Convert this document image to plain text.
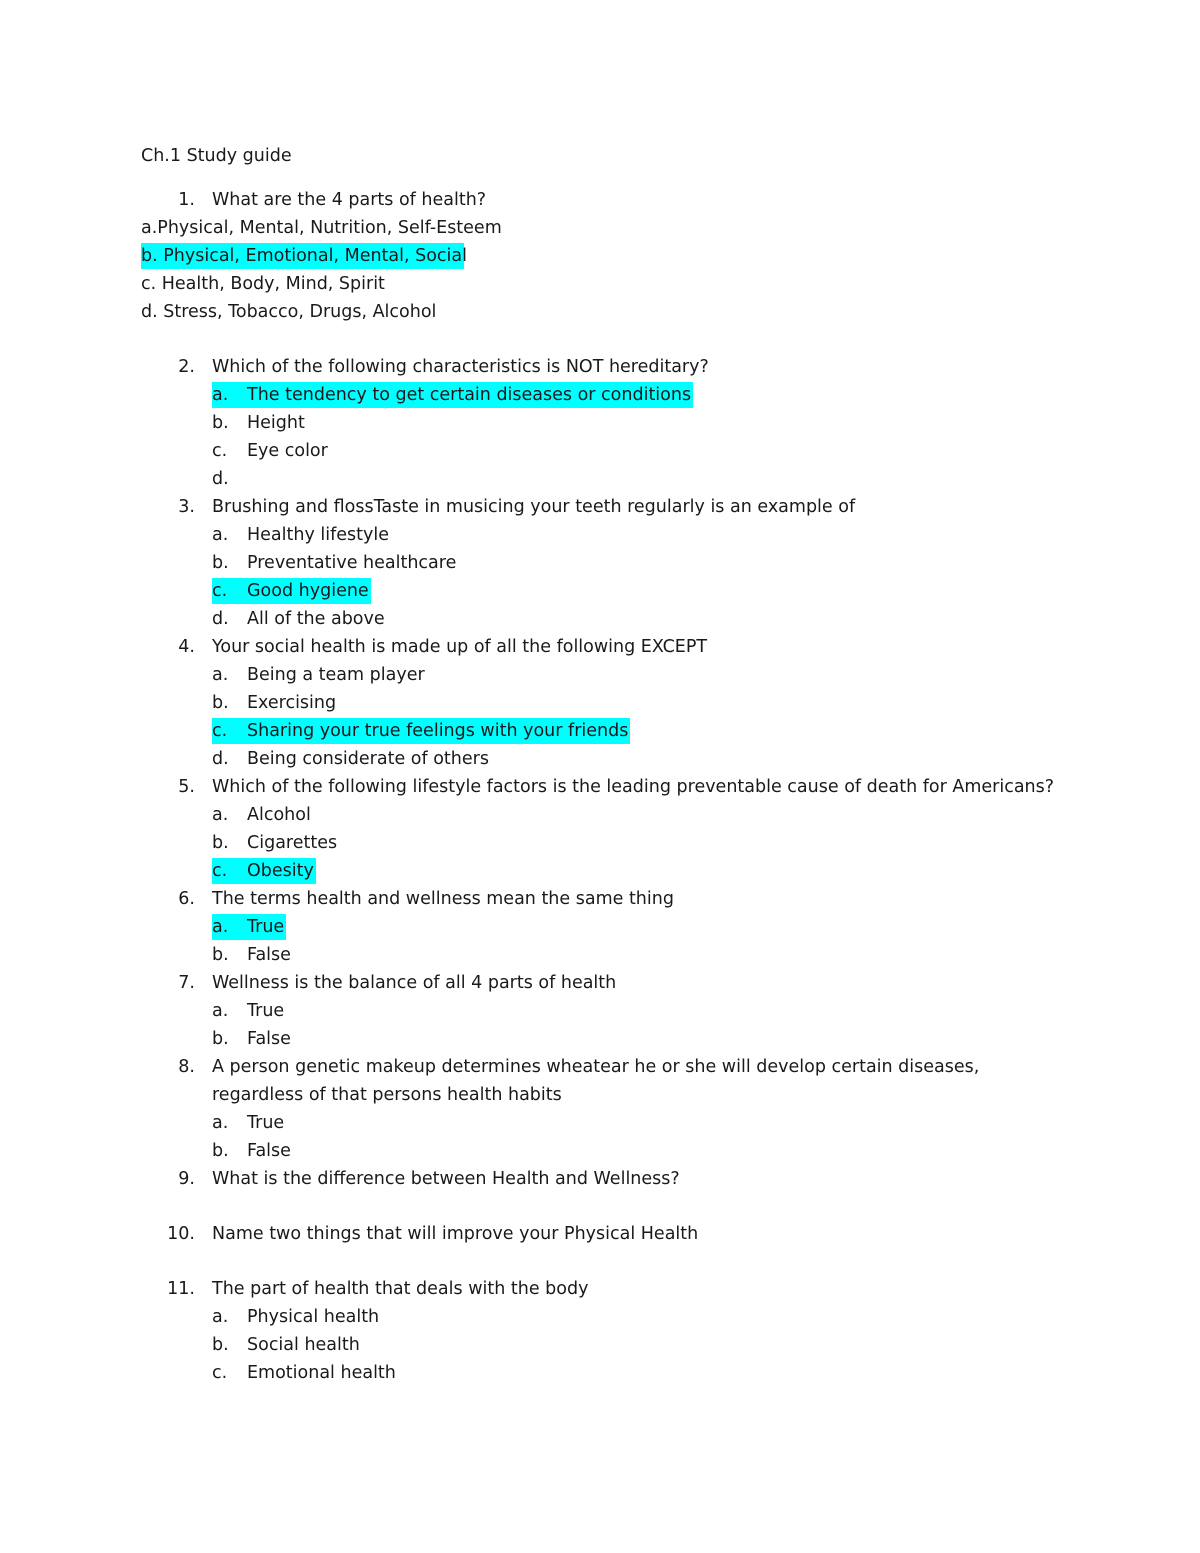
Ch.1 Study guide
1. What are the 4 parts of health?
a.Physical, Mental, Nutrition, Self-Esteem
b. Physical, Emotional, Mental, Social
c. Health, Body, Mind, Spirit
d. Stress, Tobacco, Drugs, Alcohol
2. Which of the following characteristics is NOT hereditary?
a. The tendency to get certain diseases or conditions
b. Height
c. Eye color
d.
3. Brushing and flossTaste in musicing your teeth regularly is an example of
a. Healthy lifestyle
b. Preventative healthcare
c. Good hygiene
d. All of the above
4. Your social health is made up of all the following EXCEPT
a. Being a team player
b. Exercising
c. Sharing your true feelings with your friends
d. Being considerate of others
5. Which of the following lifestyle factors is the leading preventable cause of death for Americans?
a. Alcohol
b. Cigarettes
c. Obesity
6. The terms health and wellness mean the same thing
a. True
b. False
7. Wellness is the balance of all 4 parts of health
a. True
b. False
8. A person genetic makeup determines wheatear he or she will develop certain diseases,
regardless of that persons health habits
a. True
b. False
9. What is the difference between Health and Wellness?
10. Name two things that will improve your Physical Health
11. The part of health that deals with the body
a. Physical health
b. Social health
c. Emotional health
